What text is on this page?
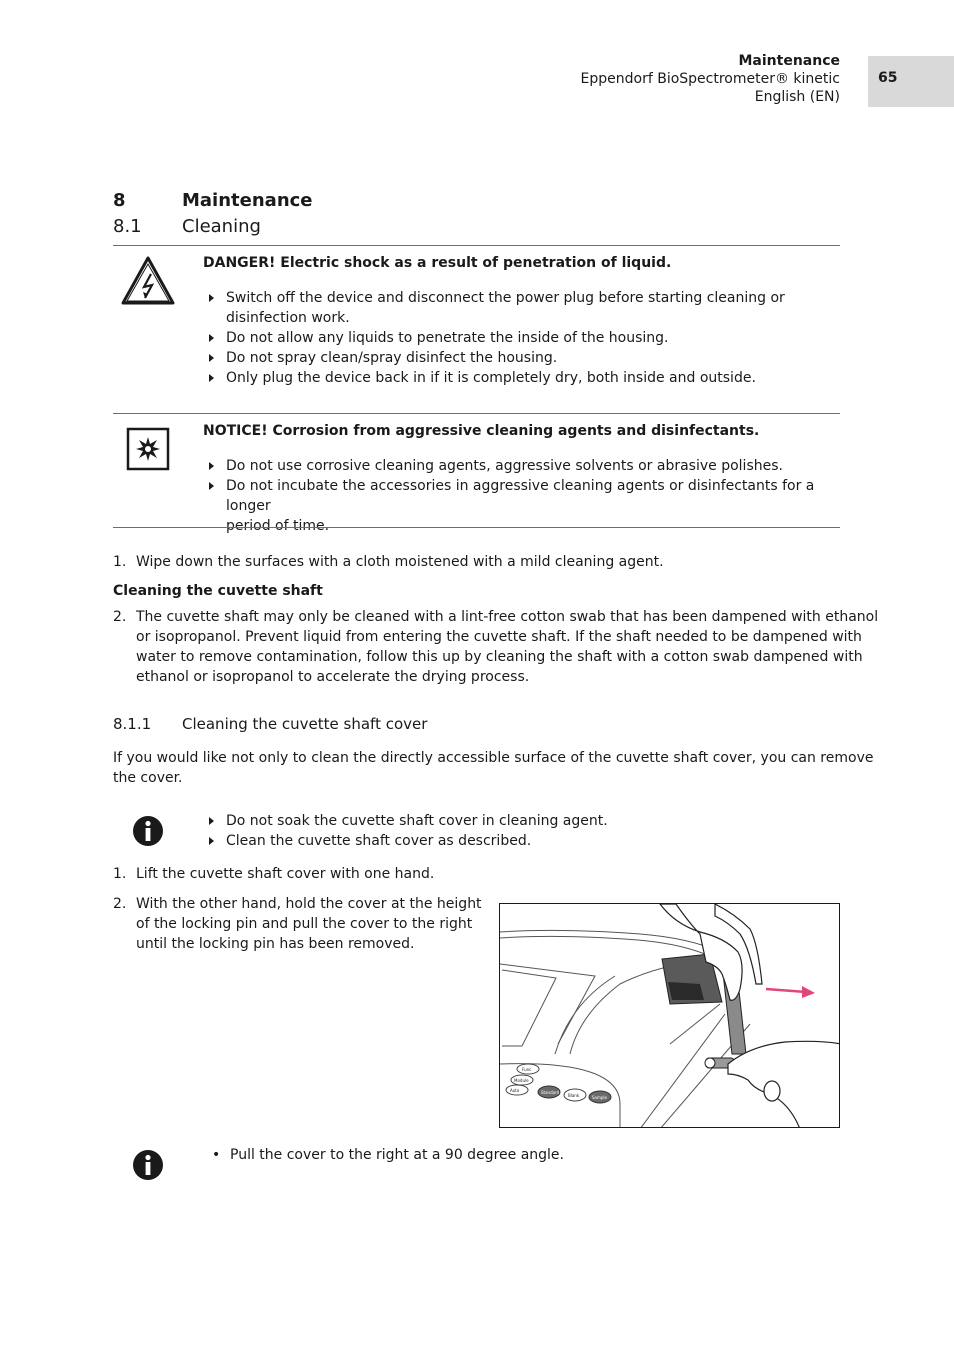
Maintenance
Eppendorf BioSpectrometer® kinetic
English (EN)
65
8	Maintenance
8.1 Cleaning
DANGER! Electric shock as a result of penetration of liquid.
Switch off the device and disconnect the power plug before starting cleaning or
disinfection work.
Do not allow any liquids to penetrate the inside of the housing.
Do not spray clean/spray disinfect the housing.
Only plug the device back in if it is completely dry, both inside and outside.
NOTICE! Corrosion from aggressive cleaning agents and disinfectants.
Do not use corrosive cleaning agents, aggressive solvents or abrasive polishes.
Do not incubate the accessories in aggressive cleaning agents or disinfectants for a longer
period of time.
1. Wipe down the surfaces with a cloth moistened with a mild cleaning agent.
Cleaning the cuvette shaft
2. The cuvette shaft may only be cleaned with a lint-free cotton swab that has been dampened with ethanol
or isopropanol. Prevent liquid from entering the cuvette shaft. If the shaft needed to be dampened with
water to remove contamination, follow this up by cleaning the shaft with a cotton swab dampened with
ethanol or isopropanol to accelerate the drying process.
8.1.1 Cleaning the cuvette shaft cover
If you would like not only to clean the directly accessible surface of the cuvette shaft cover, you can remove
the cover.
Do not soak the cuvette shaft cover in cleaning agent.
Clean the cuvette shaft cover as described.
1. Lift the cuvette shaft cover with one hand.
2. With the other hand, hold the cover at the height
of the locking pin and pull the cover to the right
until the locking pin has been removed.
Func
Module
Auto	Standard
Blank	Sample
• Pull the cover to the right at a 90 degree angle.
